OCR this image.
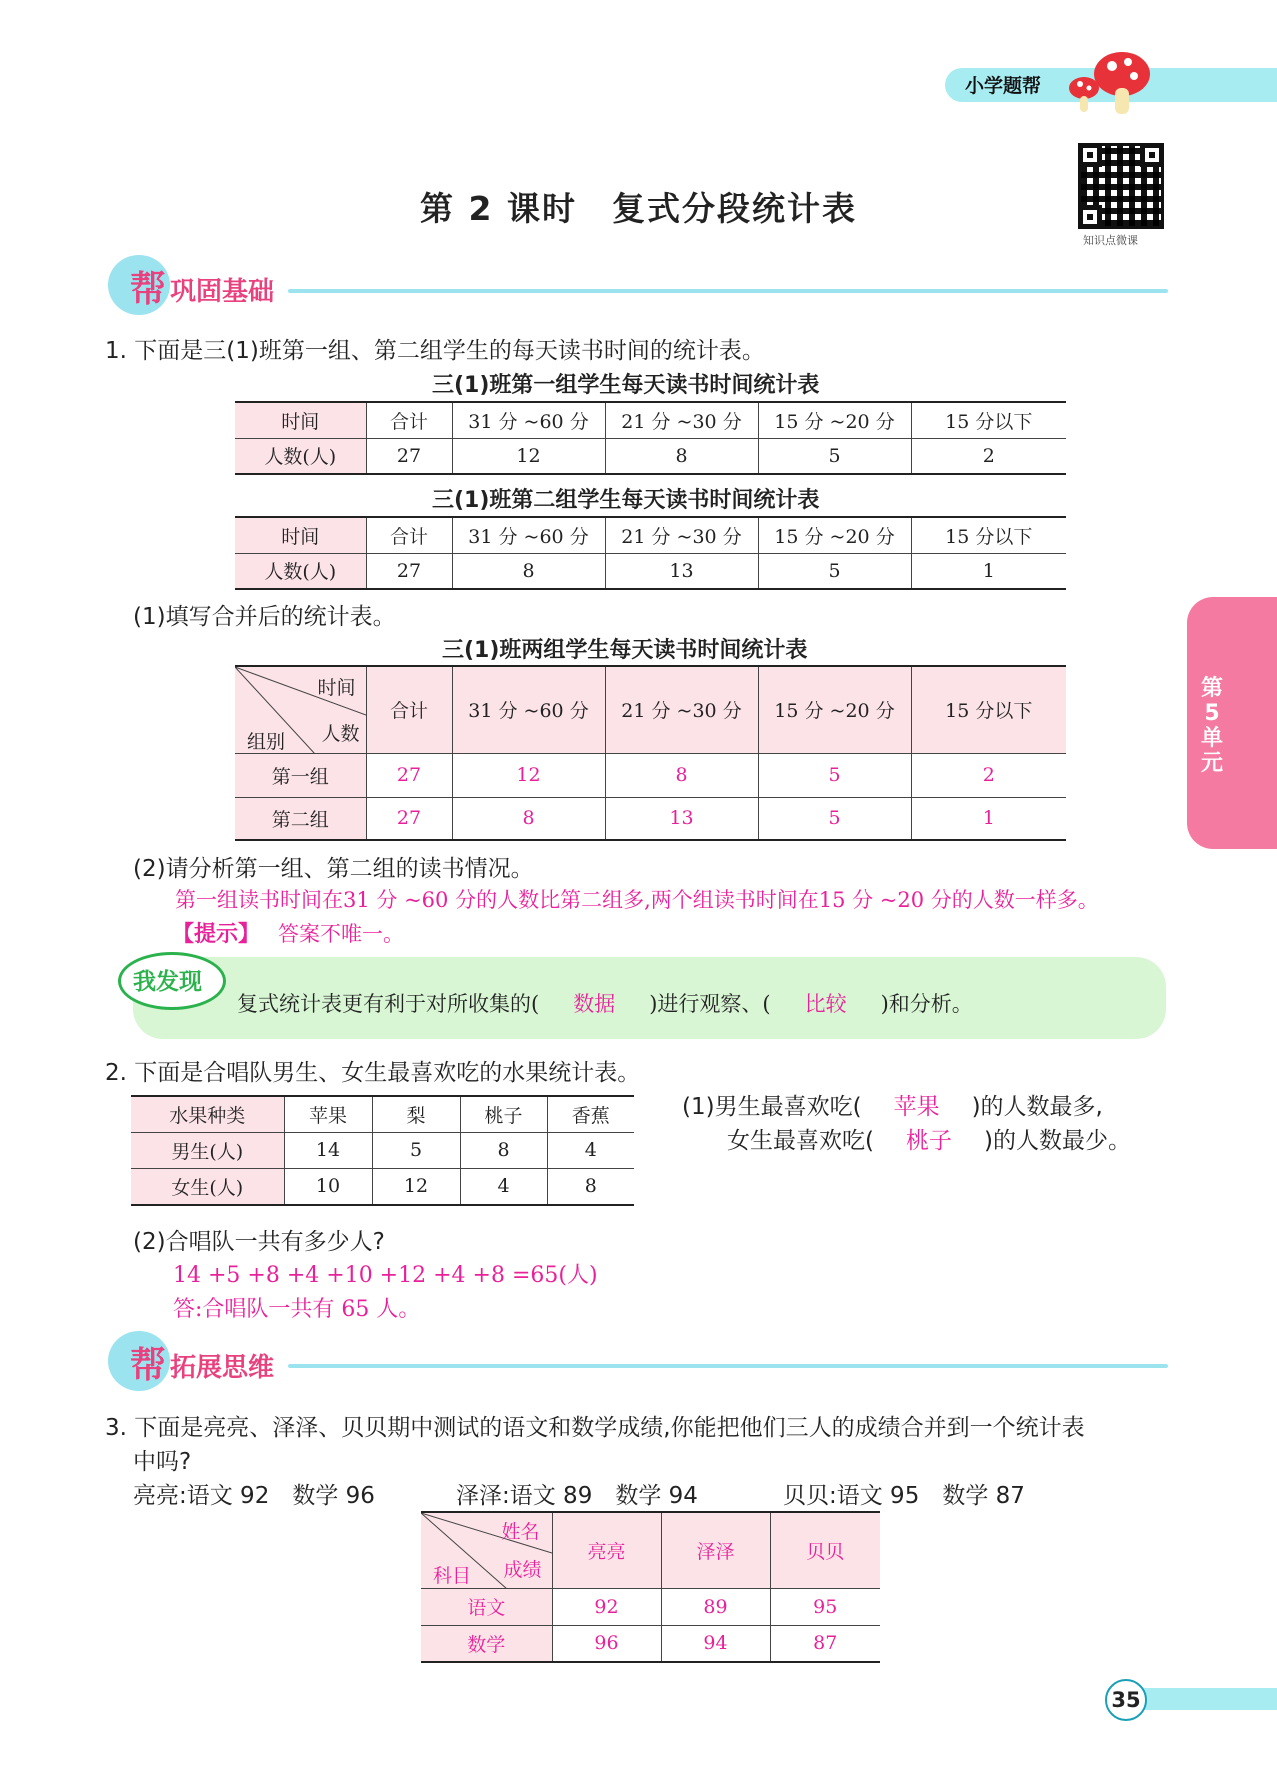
小学题帮
知识点微课
第 2 课时　复式分段统计表
帮 巩固基础
1. 下面是三(1)班第一组、第二组学生的每天读书时间的统计表。
三(1)班第一组学生每天读书时间统计表
时间	合计	31 分 ~60 分	21 分 ~30 分	15 分 ~20 分	15 分以下
人数(人)	27	12	8	5	2
三(1)班第二组学生每天读书时间统计表
时间	合计	31 分 ~60 分	21 分 ~30 分	15 分 ~20 分	15 分以下
人数(人)	27	8	13	5	1
(1)填写合并后的统计表。
三(1)班两组学生每天读书时间统计表
时间
人数
组别	合计	31 分 ~60 分	21 分 ~30 分	15 分 ~20 分	15 分以下
第一组	27	12	8	5	2
第二组	27	8	13	5	1
(2)请分析第一组、第二组的读书情况。
第一组读书时间在31 分 ~60 分的人数比第二组多,两个组读书时间在15 分 ~20 分的人数一样多。
【提示】 答案不唯一。
我发现
复式统计表更有利于对所收集的( 数据 )进行观察、( 比较 )和分析。
2. 下面是合唱队男生、女生最喜欢吃的水果统计表。
水果种类	苹果	梨	桃子	香蕉
男生(人)	14	5	8	4
女生(人)	10	12	4	8
(1)男生最喜欢吃( 苹果 )的人数最多,
女生最喜欢吃( 桃子 )的人数最少。
(2)合唱队一共有多少人?
14 +5 +8 +4 +10 +12 +4 +8 =65(人)
答:合唱队一共有 65 人。
帮 拓展思维
3. 下面是亮亮、泽泽、贝贝期中测试的语文和数学成绩,你能把他们三人的成绩合并到一个统计表
中吗?
亮亮:语文 92　数学 96	泽泽:语文 89　数学 94	贝贝:语文 95　数学 87
姓名
成绩
科目	亮亮	泽泽	贝贝
语文	92	89	95
数学	96	94	87
第5单元
35
